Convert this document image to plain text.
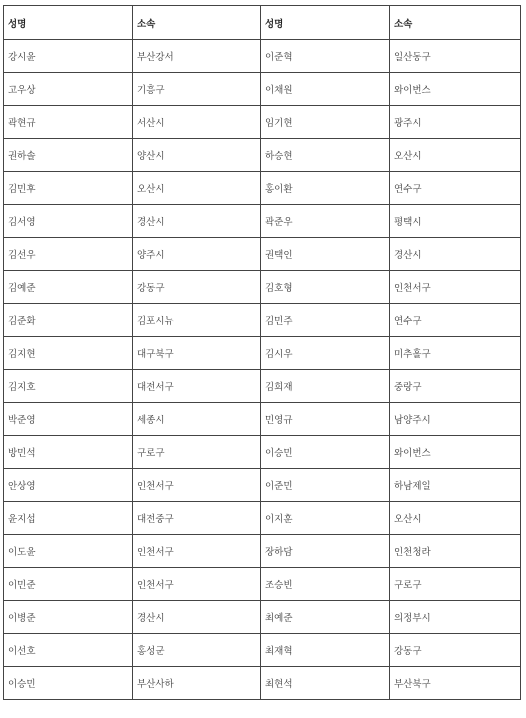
성명	소속	성명	소속
강시윤	부산강서	이준혁	일산동구
고우상	기흥구	이채원	와이번스
곽현규	서산시	임기현	광주시
권하솔	양산시	하승현	오산시
김민후	오산시	홍이환	연수구
김서영	경산시	곽준우	평택시
김선우	양주시	권택인	경산시
김예준	강동구	김호형	인천서구
김준화	김포시뉴	김민주	연수구
김지현	대구북구	김시우	미추홀구
김지호	대전서구	김희재	중랑구
박준영	세종시	민영규	남양주시
방민석	구로구	이승민	와이번스
안상영	인천서구	이준민	하남제일
윤지섭	대전중구	이지훈	오산시
이도윤	인천서구	장하담	인천청라
이민준	인천서구	조승빈	구로구
이병준	경산시	최예준	의정부시
이선호	홍성군	최재혁	강동구
이승민	부산사하	최현석	부산북구
